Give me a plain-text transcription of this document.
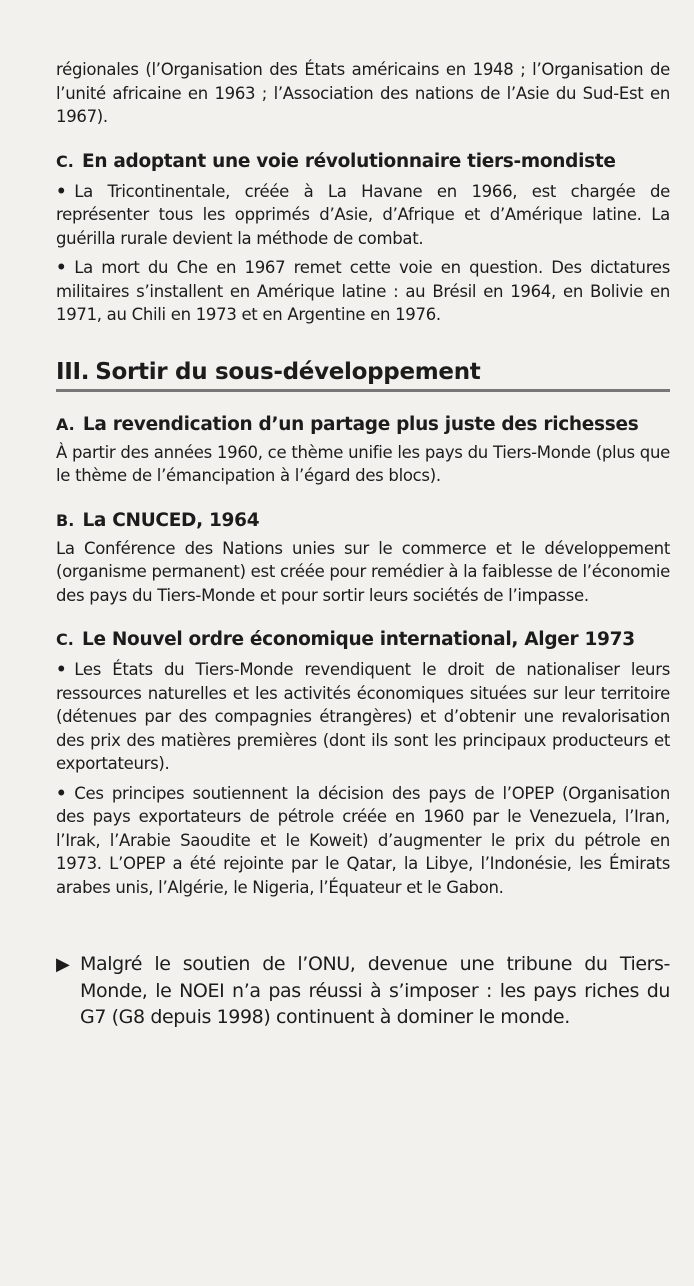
régionales (l’Organisation des États américains en 1948 ; l’Organisation de l’unité africaine en 1963 ; l’Association des nations de l’Asie du Sud-Est en 1967).

C. En adoptant une voie révolutionnaire tiers-mondiste

• La Tricontinentale, créée à La Havane en 1966, est chargée de représenter tous les opprimés d’Asie, d’Afrique et d’Amérique latine. La guérilla rurale devient la méthode de combat.

• La mort du Che en 1967 remet cette voie en question. Des dictatures militaires s’installent en Amérique latine : au Brésil en 1964, en Bolivie en 1971, au Chili en 1973 et en Argentine en 1976.

III. Sortir du sous-développement
A. La revendication d’un partage plus juste des richesses

À partir des années 1960, ce thème unifie les pays du Tiers-Monde (plus que le thème de l’émancipation à l’égard des blocs).

B. La CNUCED, 1964

La Conférence des Nations unies sur le commerce et le développement (organisme permanent) est créée pour remédier à la faiblesse de l’économie des pays du Tiers-Monde et pour sortir leurs sociétés de l’impasse.

C. Le Nouvel ordre économique international, Alger 1973

• Les États du Tiers-Monde revendiquent le droit de nationaliser leurs ressources naturelles et les activités économiques situées sur leur territoire (détenues par des compagnies étrangères) et d’obtenir une revalorisation des prix des matières premières (dont ils sont les principaux producteurs et exportateurs).

• Ces principes soutiennent la décision des pays de l’OPEP (Organisation des pays exportateurs de pétrole créée en 1960 par le Venezuela, l’Iran, l’Irak, l’Arabie Saoudite et le Koweit) d’augmenter le prix du pétrole en 1973. L’OPEP a été rejointe par le Qatar, la Libye, l’Indonésie, les Émirats arabes unis, l’Algérie, le Nigeria, l’Équateur et le Gabon.

▶ Malgré le soutien de l’ONU, devenue une tribune du Tiers-Monde, le NOEI n’a pas réussi à s’imposer : les pays riches du G7 (G8 depuis 1998) continuent à dominer le monde.
